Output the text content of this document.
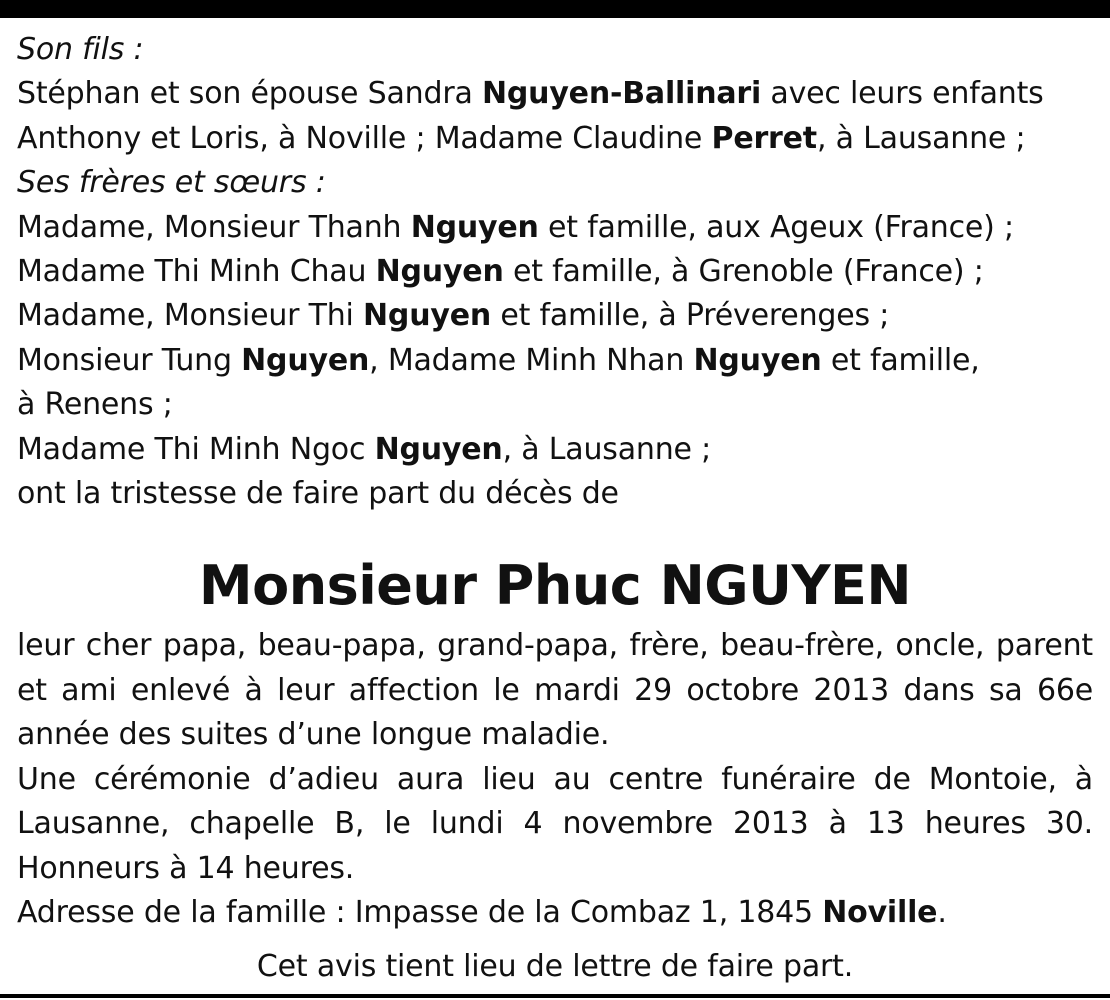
Son fils :
Stéphan et son épouse Sandra Nguyen-Ballinari avec leurs enfants
Anthony et Loris, à Noville ; Madame Claudine Perret, à Lausanne ;
Ses frères et sœurs :
Madame, Monsieur Thanh Nguyen et famille, aux Ageux (France) ;
Madame Thi Minh Chau Nguyen et famille, à Grenoble (France) ;
Madame, Monsieur Thi Nguyen et famille, à Préverenges ;
Monsieur Tung Nguyen, Madame Minh Nhan Nguyen et famille,
à Renens ;
Madame Thi Minh Ngoc Nguyen, à Lausanne ;
ont la tristesse de faire part du décès de
Monsieur Phuc NGUYEN
leur cher papa, beau-papa, grand-papa, frère, beau-frère, oncle, parent
et ami enlevé à leur affection le mardi 29 octobre 2013 dans sa 66e
année des suites d’une longue maladie.
Une cérémonie d’adieu aura lieu au centre funéraire de Montoie, à
Lausanne, chapelle B, le lundi 4 novembre 2013 à 13 heures 30.
Honneurs à 14 heures.
Adresse de la famille : Impasse de la Combaz 1, 1845 Noville.
Cet avis tient lieu de lettre de faire part.
